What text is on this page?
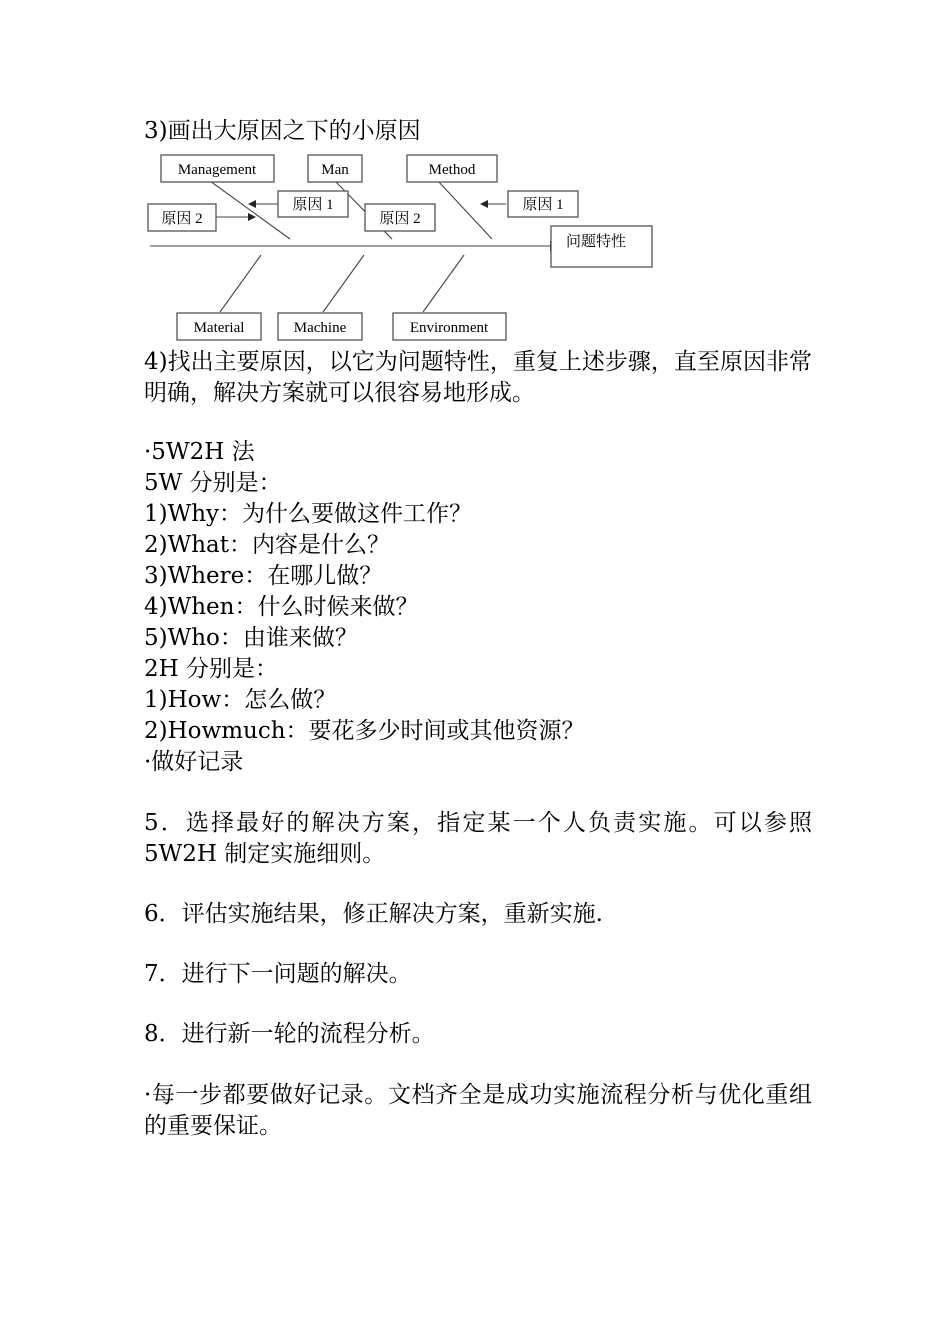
3)画出大原因之下的小原因
Management	Man	Method
原因 1
原因 2	原因 2
原因 1
问题特性
Material	Machine	Environment
4)找出主要原因，以它为问题特性，重复上述步骤，直至原因非常明确，解决方案就可以很容易地形成。
·5W2H 法
5W 分别是：
1)Why：为什么要做这件工作？
2)What：内容是什么？
3)Where：在哪儿做？
4)When：什么时候来做？
5)Who：由谁来做？
2H 分别是：
1)How：怎么做？
2)Howmuch：要花多少时间或其他资源？
·做好记录
5．选择最好的解决方案，指定某一个人负责实施。可以参照 5W2H 制定实施细则。
6．评估实施结果，修正解决方案，重新实施.
7．进行下一问题的解决。
8．进行新一轮的流程分析。
·每一步都要做好记录。文档齐全是成功实施流程分析与优化重组的重要保证。
